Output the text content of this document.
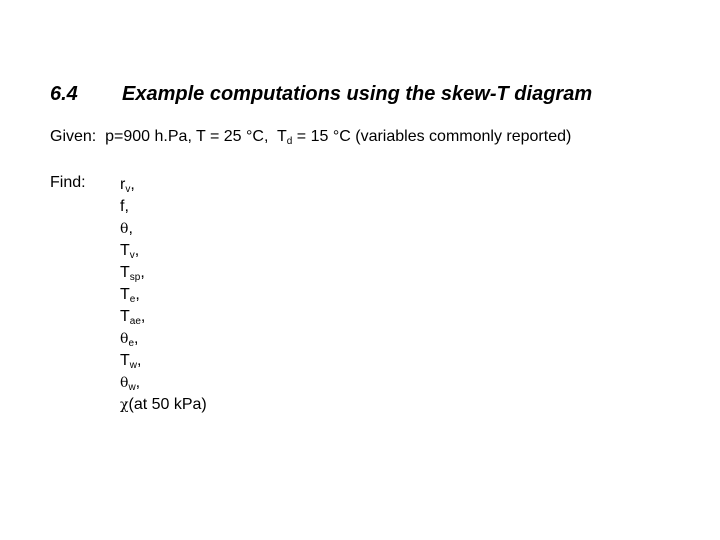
6.4 Example computations using the skew-T diagram
Given: p=900 h.Pa, T = 25 °C, $T_d = 15$ °C (variables commonly reported)
Find: $r_v$,
f,
θ,
$T_v$,
$T_{sp}$,
$T_e$,
$T_{ae}$,
$\theta_e$,
$T_w$,
$\theta_w$,
χ(at 50 kPa)
